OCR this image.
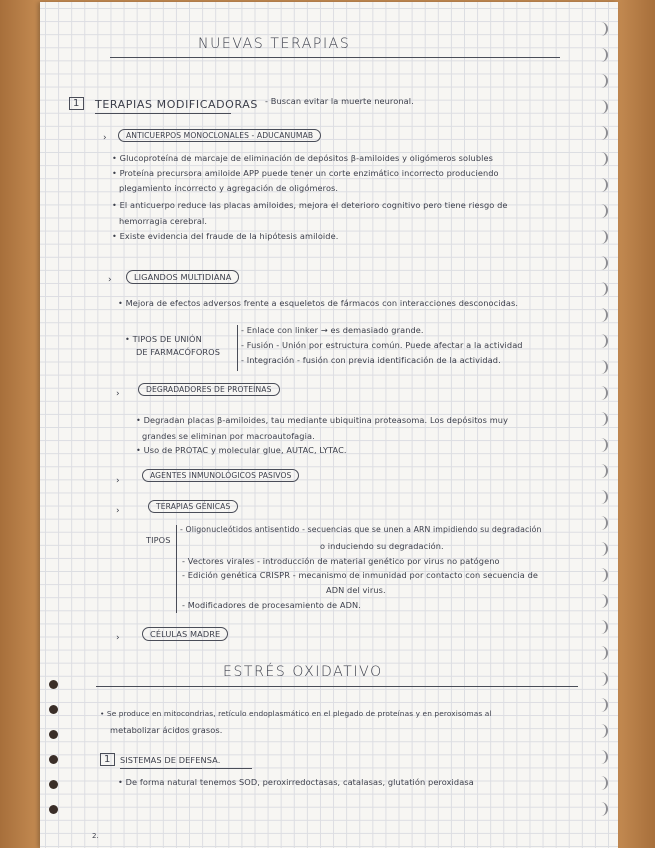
NUEVAS TERAPIAS
1	TERAPIAS MODIFICADORAS - Buscan evitar la muerte neuronal.
›	ANTICUERPOS MONOCLONALES - ADUCANUMAB
• Glucoproteína de marcaje de eliminación de depósitos β-amiloides y oligómeros solubles
• Proteína precursora amiloide APP puede tener un corte enzimático incorrecto produciendo
plegamiento incorrecto y agregación de oligómeros.
• El anticuerpo reduce las placas amiloides, mejora el deterioro cognitivo pero tiene riesgo de
hemorragia cerebral.
• Existe evidencia del fraude de la hipótesis amiloide.
›	LIGANDOS MULTIDIANA
• Mejora de efectos adversos frente a esqueletos de fármacos con interacciones desconocidas.
• TIPOS DE UNIÓN
DE FARMACÓFOROS
- Enlace con linker → es demasiado grande.
- Fusión - Unión por estructura común. Puede afectar a la actividad
- Integración - fusión con previa identificación de la actividad.
›	DEGRADADORES DE PROTEÍNAS
• Degradan placas β-amiloides, tau mediante ubiquitina proteasoma. Los depósitos muy
grandes se eliminan por macroautofagia.
• Uso de PROTAC y molecular glue, AUTAC, LYTAC.
›
AGENTES INMUNOLÓGICOS PASIVOS
›	TERAPIAS GÉNICAS
TIPOS
- Oligonucleótidos antisentido - secuencias que se unen a ARN impidiendo su degradación
o induciendo su degradación.
- Vectores virales - introducción de material genético por virus no patógeno
- Edición genética CRISPR - mecanismo de inmunidad por contacto con secuencia de
ADN del virus.
- Modificadores de procesamiento de ADN.
›	CÉLULAS MADRE
ESTRÉS OXIDATIVO
• Se produce en mitocondrias, retículo endoplasmático en el plegado de proteínas y en peroxisomas al
metabolizar ácidos grasos.
1	SISTEMAS DE DEFENSA.
• De forma natural tenemos SOD, peroxirredoctasas, catalasas, glutatión peroxidasa
2.
